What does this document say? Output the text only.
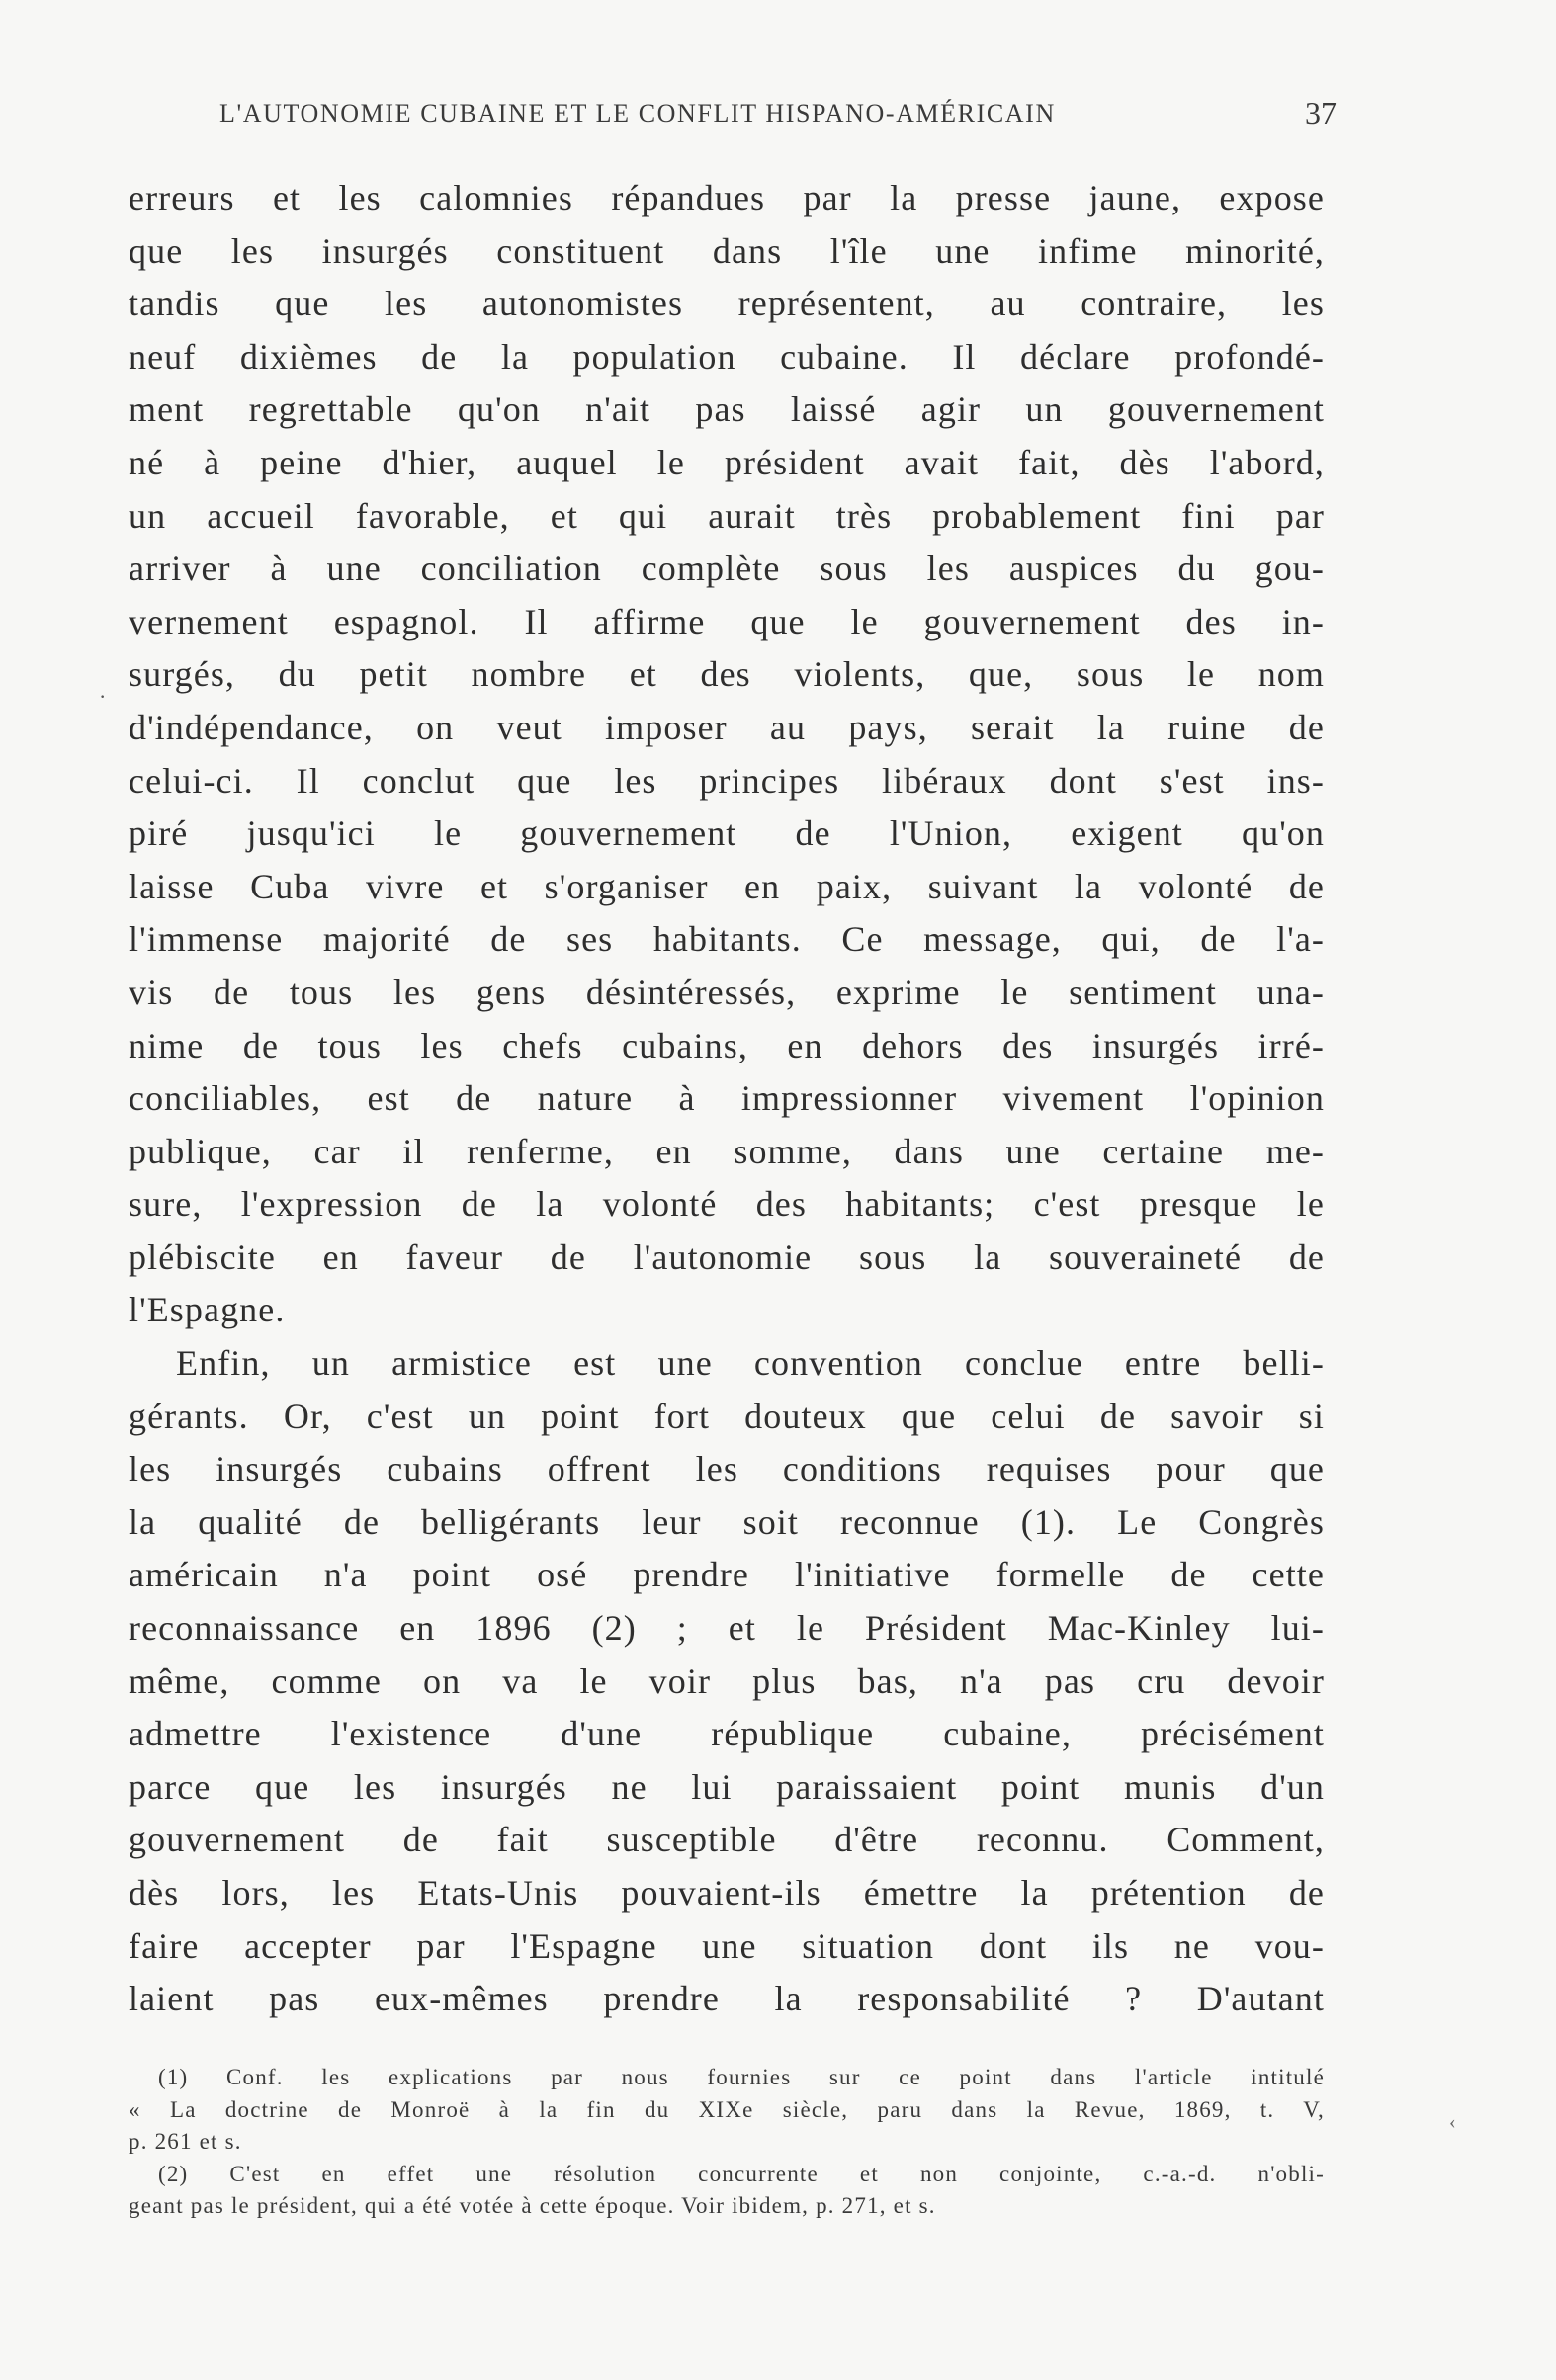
L'AUTONOMIE CUBAINE ET LE CONFLIT HISPANO-AMÉRICAIN	37
·
‹
erreurs et les calomnies répandues par la presse jaune, expose
que les insurgés constituent dans l'île une infime minorité,
tandis que les autonomistes représentent, au contraire, les
neuf dixièmes de la population cubaine. Il déclare profondé-
ment regrettable qu'on n'ait pas laissé agir un gouvernement
né à peine d'hier, auquel le président avait fait, dès l'abord,
un accueil favorable, et qui aurait très probablement fini par
arriver à une conciliation complète sous les auspices du gou-
vernement espagnol. Il affirme que le gouvernement des in-
surgés, du petit nombre et des violents, que, sous le nom
d'indépendance, on veut imposer au pays, serait la ruine de
celui-ci. Il conclut que les principes libéraux dont s'est ins-
piré jusqu'ici le gouvernement de l'Union, exigent qu'on
laisse Cuba vivre et s'organiser en paix, suivant la volonté de
l'immense majorité de ses habitants. Ce message, qui, de l'a-
vis de tous les gens désintéressés, exprime le sentiment una-
nime de tous les chefs cubains, en dehors des insurgés irré-
conciliables, est de nature à impressionner vivement l'opinion
publique, car il renferme, en somme, dans une certaine me-
sure, l'expression de la volonté des habitants; c'est presque le
plébiscite en faveur de l'autonomie sous la souveraineté de
l'Espagne.
Enfin, un armistice est une convention conclue entre belli-
gérants. Or, c'est un point fort douteux que celui de savoir si
les insurgés cubains offrent les conditions requises pour que
la qualité de belligérants leur soit reconnue (1). Le Congrès
américain n'a point osé prendre l'initiative formelle de cette
reconnaissance en 1896 (2) ; et le Président Mac-Kinley lui-
même, comme on va le voir plus bas, n'a pas cru devoir
admettre l'existence d'une république cubaine, précisément
parce que les insurgés ne lui paraissaient point munis d'un
gouvernement de fait susceptible d'être reconnu. Comment,
dès lors, les Etats-Unis pouvaient-ils émettre la prétention de
faire accepter par l'Espagne une situation dont ils ne vou-
laient pas eux-mêmes prendre la responsabilité ? D'autant
(1) Conf. les explications par nous fournies sur ce point dans l'article intitulé
« La doctrine de Monroë à la fin du XIXe siècle, paru dans la Revue, 1869, t. V,
p. 261 et s.
(2) C'est en effet une résolution concurrente et non conjointe, c.-a.-d. n'obli-
geant pas le président, qui a été votée à cette époque. Voir ibidem, p. 271, et s.
